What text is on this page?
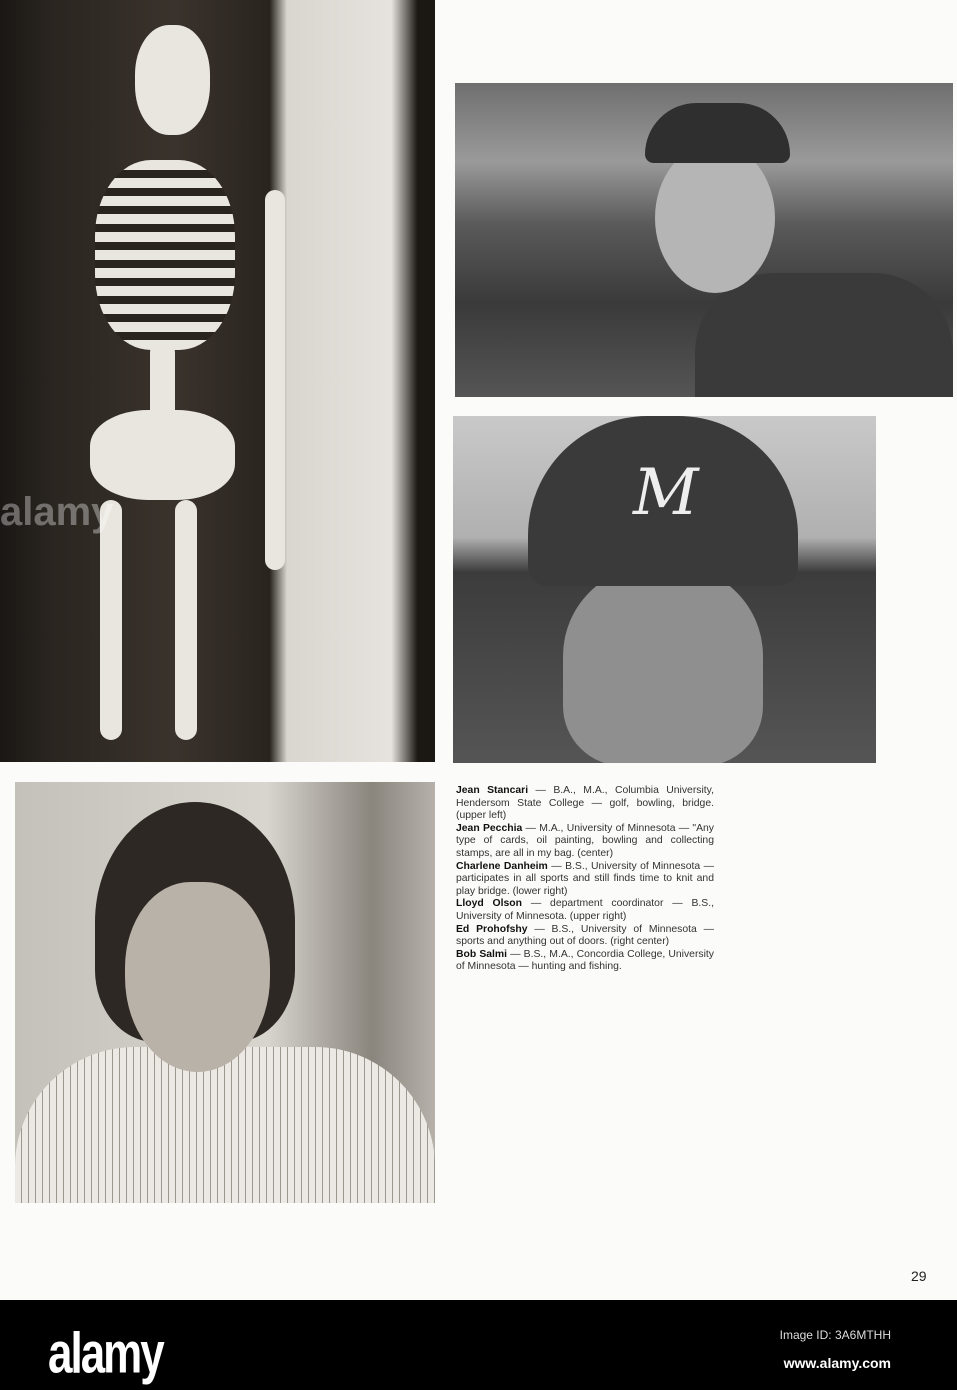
alamy	M
Jean Stancari — B.A., M.A., Columbia University, Hendersom State College — golf, bowling, bridge. (upper left)
Jean Pecchia — M.A., University of Minnesota — "Any type of cards, oil painting, bowling and collecting stamps, are all in my bag. (center)
Charlene Danheim — B.S., University of Minnesota — participates in all sports and still finds time to knit and play bridge. (lower right)
Lloyd Olson — department coordinator — B.S., University of Minnesota. (upper right)
Ed Prohofshy — B.S., University of Minnesota — sports and anything out of doors. (right center)
Bob Salmi — B.S., M.A., Concordia College, University of Minnesota — hunting and fishing.
29
alamy	Image ID: 3A6MTHH
www.alamy.com
